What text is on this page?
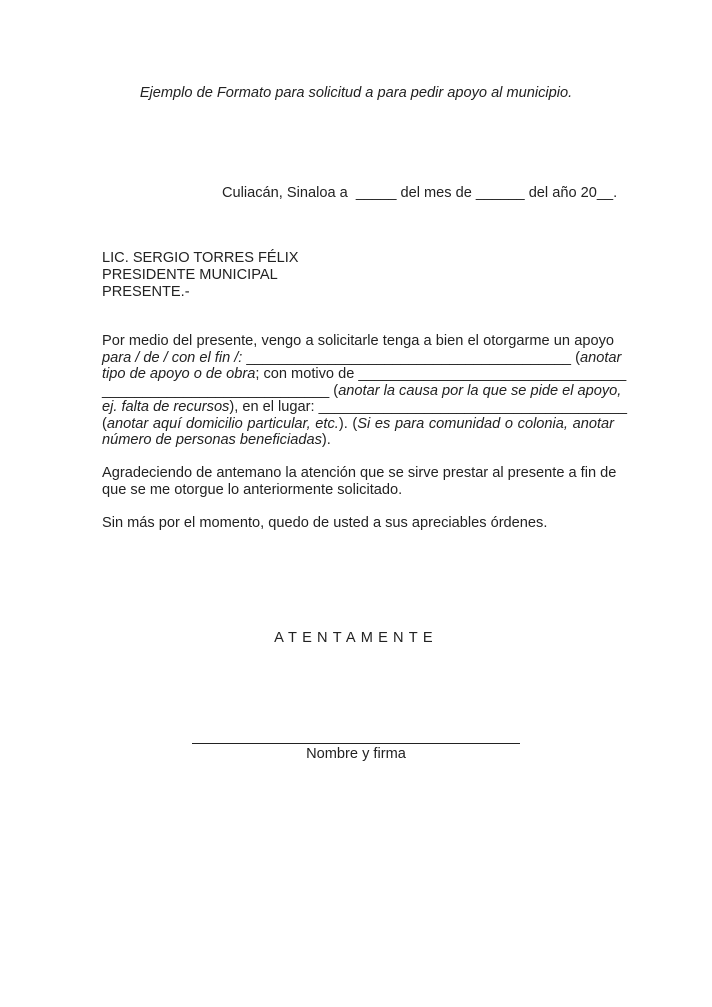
Ejemplo de Formato para solicitud a para pedir apoyo al municipio.
Culiacán, Sinaloa a  _____ del mes de ______ del año 20__.
LIC. SERGIO TORRES FÉLIX
PRESIDENTE MUNICIPAL
PRESENTE.-
Por medio del presente, vengo a solicitarle tenga a bien el otorgarme un apoyo
para / de / con el fin /: ________________________________________ (anotar
tipo de apoyo o de obra; con motivo de _________________________________
____________________________ (anotar la causa por la que se pide el apoyo,
ej. falta de recursos), en el lugar: ______________________________________
(anotar aquí domicilio particular, etc.). (Si es para comunidad o colonia, anotar
número de personas beneficiadas).
Agradeciendo de antemano la atención que se sirve prestar al presente a fin de
que se me otorgue lo anteriormente solicitado.
Sin más por el momento, quedo de usted a sus apreciables órdenes.
ATENTAMENTE
Nombre y firma
